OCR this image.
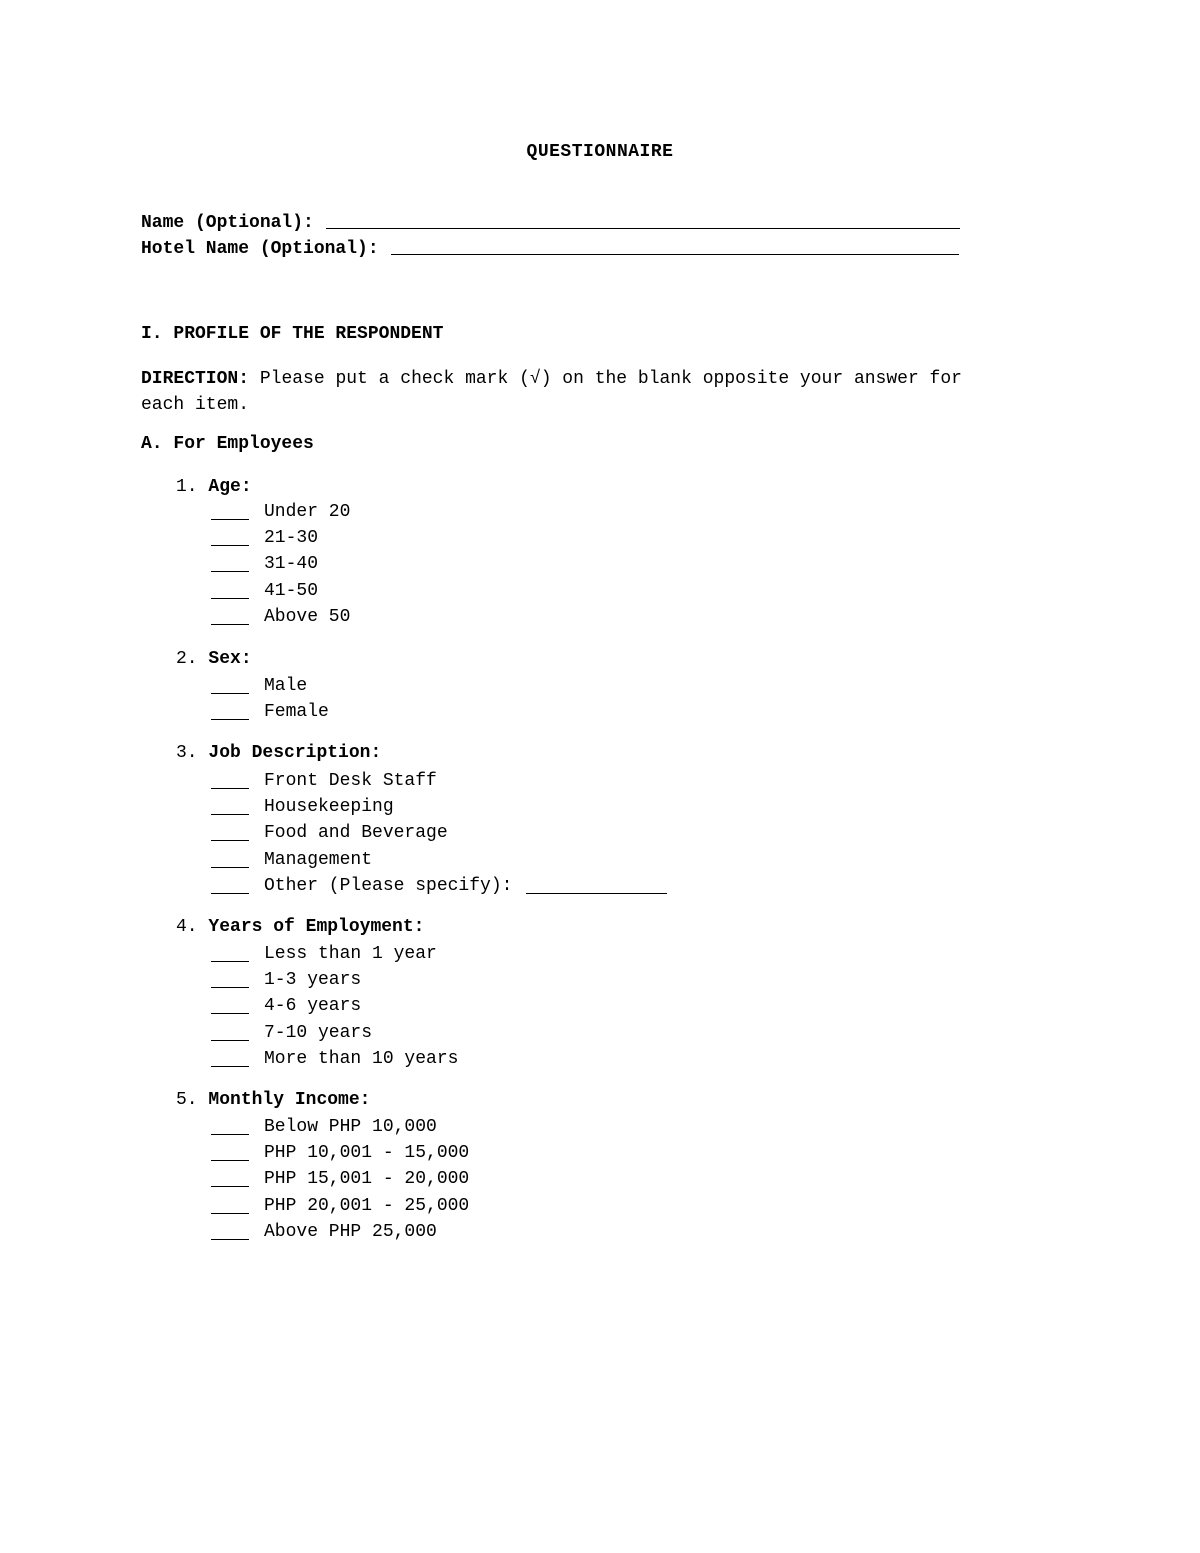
QUESTIONNAIRE
Name (Optional):
Hotel Name (Optional):
I. PROFILE OF THE RESPONDENT
DIRECTION: Please put a check mark (√) on the blank opposite your answer for each item.
A. For Employees
1. Age:
Under 20
21-30
31-40
41-50
Above 50
2. Sex:
Male
Female
3. Job Description:
Front Desk Staff
Housekeeping
Food and Beverage
Management
Other (Please specify):
4. Years of Employment:
Less than 1 year
1-3 years
4-6 years
7-10 years
More than 10 years
5. Monthly Income:
Below PHP 10,000
PHP 10,001 - 15,000
PHP 15,001 - 20,000
PHP 20,001 - 25,000
Above PHP 25,000
